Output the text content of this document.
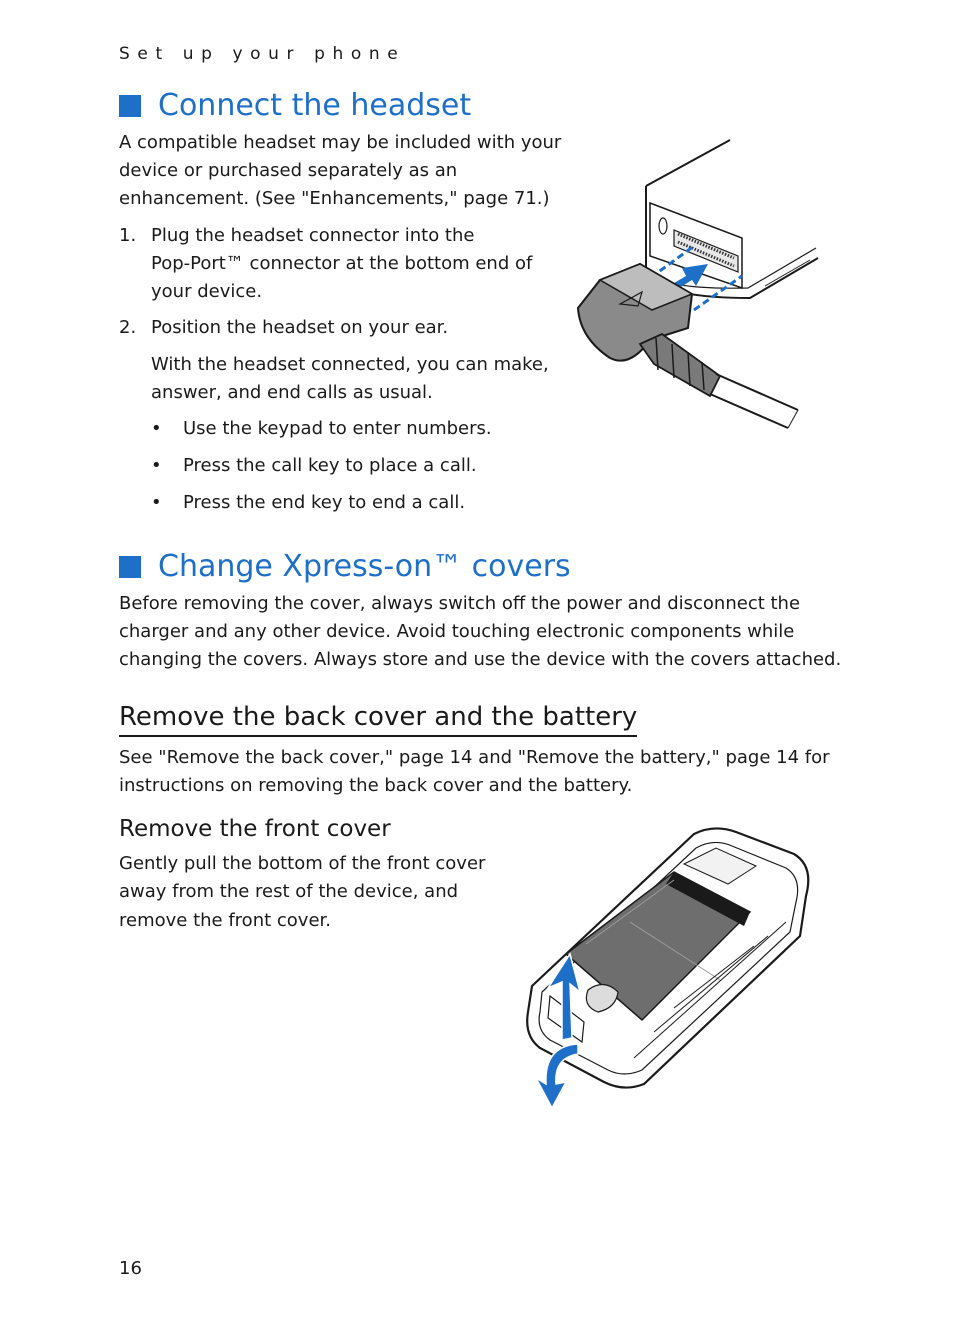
Set up your phone
Connect the headset

A compatible headset may be included with your

device or purchased separately as an

enhancement. (See "Enhancements," page 71.)

1. Plug the headset connector into the
Pop-Port™ connector at the bottom end of
your device.
2. Position the headset on your ear.

With the headset connected, you can make,

answer, and end calls as usual.

• Use the keypad to enter numbers.
• Press the call key to place a call.
• Press the end key to end a call.
Change Xpress-on™ covers

Before removing the cover, always switch off the power and disconnect the

charger and any other device. Avoid touching electronic components while

changing the covers. Always store and use the device with the covers attached.

Remove the back cover and the battery

See "Remove the back cover," page 14 and "Remove the battery," page 14 for

instructions on removing the back cover and the battery.

Remove the front cover

Gently pull the bottom of the front cover

away from the rest of the device, and

remove the front cover.

16
